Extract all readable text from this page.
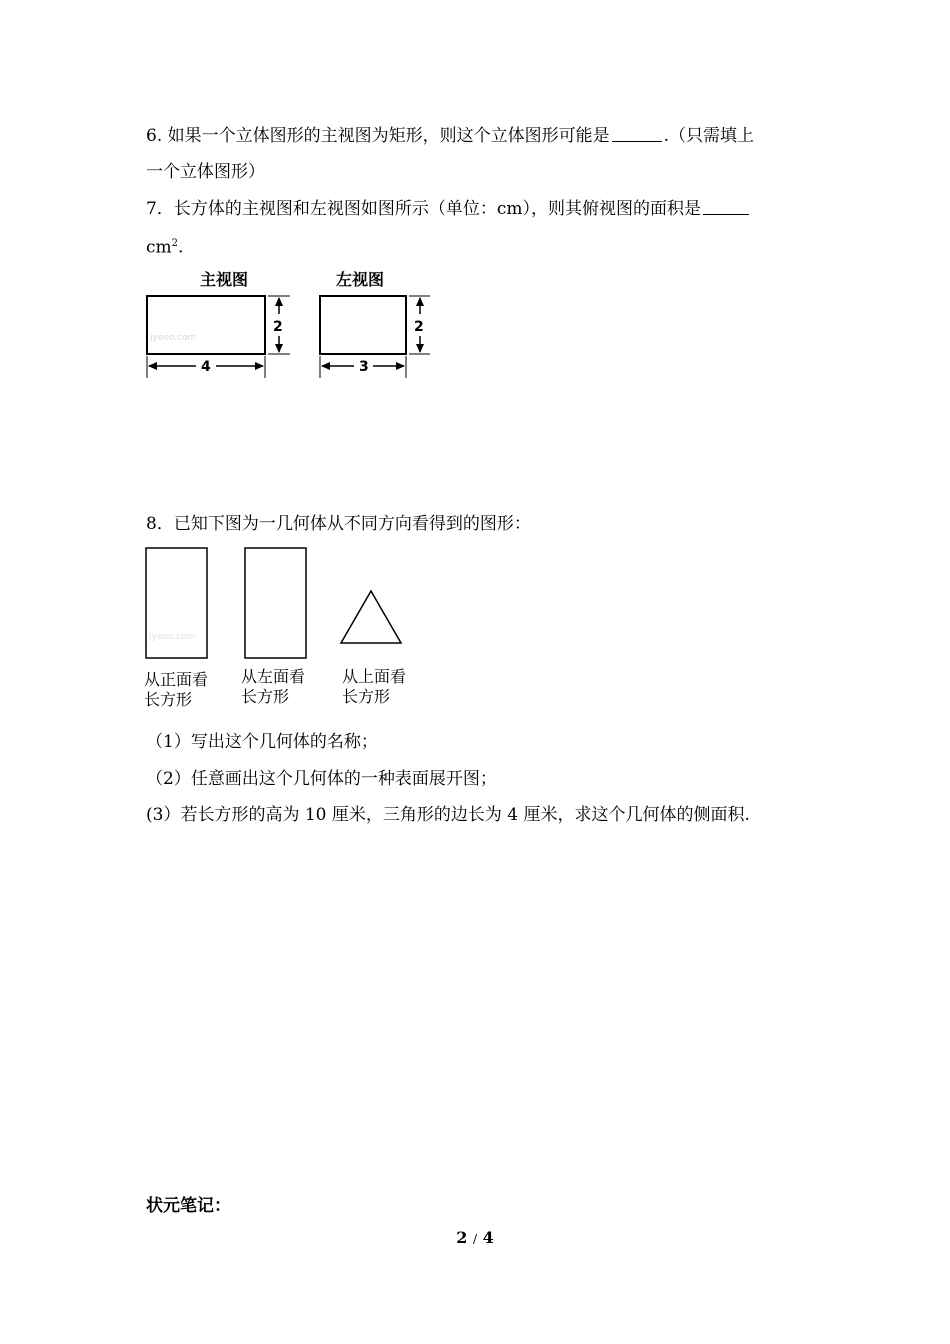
6. 如果一个立体图形的主视图为矩形，则这个立体图形可能是	.（只需填上
一个立体图形）
7．长方体的主视图和左视图如图所示（单位：cm），则其俯视图的面积是
$cm^2$.
主视图
jyeoo.com
2
4
左视图
2
3
8．已知下图为一几何体从不同方向看得到的图形：
jyeoo.com
从正面看
长方形
从左面看
长方形
从上面看
长方形
（1）写出这个几何体的名称；
（2）任意画出这个几何体的一种表面展开图；
(3）若长方形的高为 10 厘米，三角形的边长为 4 厘米，求这个几何体的侧面积.
状元笔记：
2 / 4
